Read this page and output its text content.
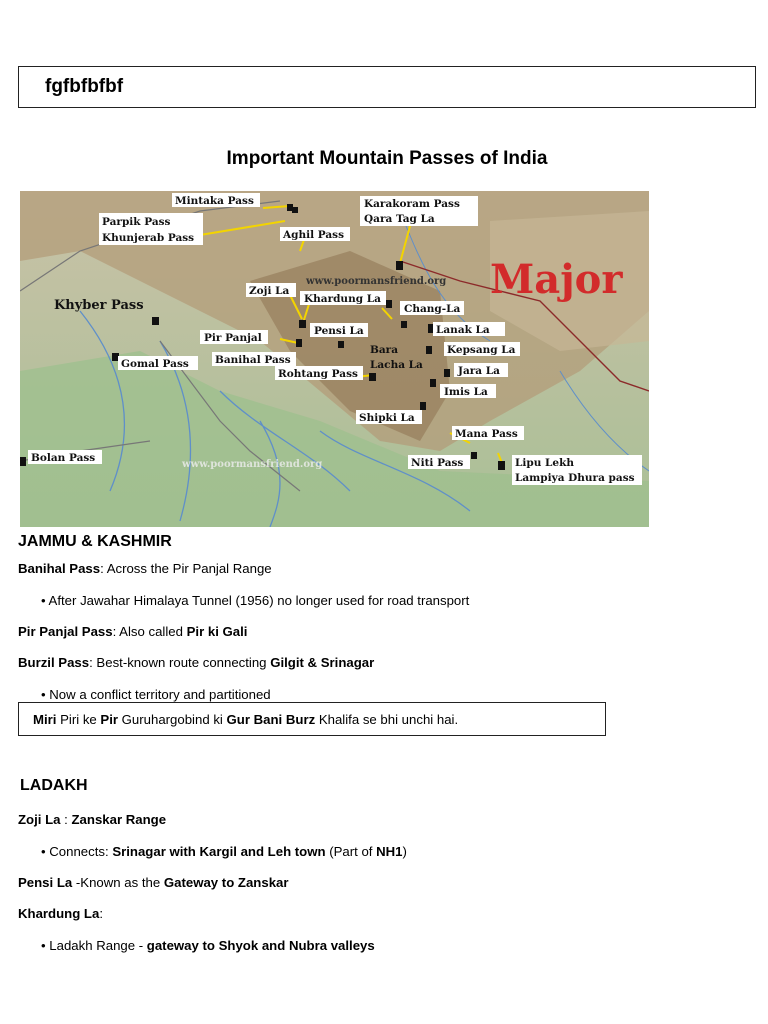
fgfbfbfbf
Important Mountain Passes of India
Mintaka Pass
Parpik Pass
Khunjerab Pass	Aghil Pass
Karakoram Pass
Qara Tag La
www.poormansfriend.org Major
Khyber Pass
Zoji La
Khardung La
Chang-La
Pensi La	Lanak La
Pir Panjal
Bara	Kepsang La
Gomal Pass Banihal Pass	Lacha La
Rohtang Pass	Jara La
Imis La
Shipki La
Mana Pass
Bolan Pass
www.poormansfriend.org	Niti Pass	Lipu Lekh
Lampiya Dhura pass
JAMMU & KASHMIR
Banihal Pass: Across the Pir Panjal Range
• After Jawahar Himalaya Tunnel (1956) no longer used for road transport
Pir Panjal Pass: Also called Pir ki Gali
Burzil Pass: Best-known route connecting Gilgit & Srinagar
• Now a conflict territory and partitioned
Miri Piri ke Pir Guruhargobind ki Gur Bani Burz Khalifa se bhi unchi hai.
LADAKH
Zoji La : Zanskar Range
• Connects: Srinagar with Kargil and Leh town (Part of NH1)
Pensi La -Known as the Gateway to Zanskar
Khardung La:
• Ladakh Range - gateway to Shyok and Nubra valleys
